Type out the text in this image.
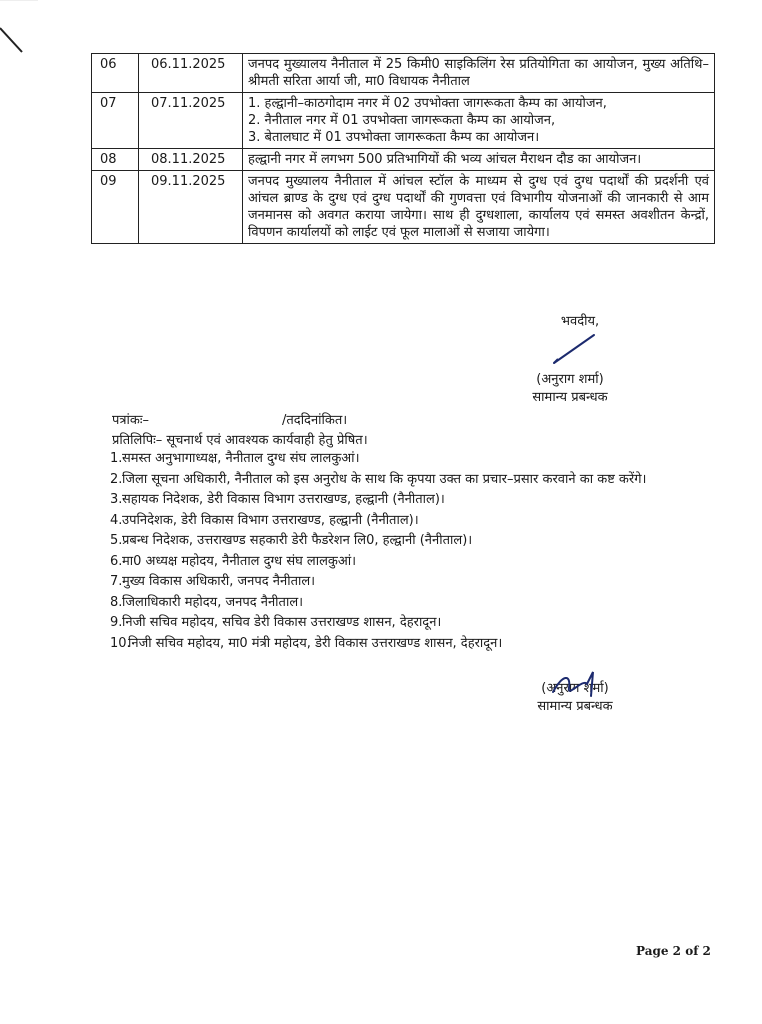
06	06.11.2025	जनपद मुख्यालय नैनीताल में 25 किमी0 साइकिलिंग रेस प्रतियोगिता का आयोजन, मुख्य अतिथि– श्रीमती सरिता आर्या जी, मा0 विधायक नैनीताल

07	07.11.2025	1. हल्द्वानी–काठगोदाम नगर में 02 उपभोक्ता जागरूकता कैम्प का आयोजन,
2. नैनीताल नगर में 01 उपभोक्ता जागरूकता कैम्प का आयोजन,
3. बेतालघाट में 01 उपभोक्ता जागरूकता कैम्प का आयोजन।

08	08.11.2025	हल्द्वानी नगर में लगभग 500 प्रतिभागियों की भव्य आंचल मैराथन दौड का आयोजन।

09	09.11.2025	जनपद मुख्यालय नैनीताल में आंचल स्टॉल के माध्यम से दुग्ध एवं दुग्ध पदार्थों की प्रदर्शनी एवं आंचल ब्राण्ड के दुग्ध एवं दुग्ध पदार्थों की गुणवत्ता एवं विभागीय योजनाओं की जानकारी से आम जनमानस को अवगत कराया जायेगा। साथ ही दुग्धशाला, कार्यालय एवं समस्त अवशीतन केन्द्रों, विपणन कार्यालयों को लाईट एवं फूल मालाओं से सजाया जायेगा।
भवदीय,
(अनुराग शर्मा)
सामान्य प्रबन्धक
पत्रांकः–	/तददिनांकित।
प्रतिलिपिः– सूचनार्थ एवं आवश्यक कार्यवाही हेतु प्रेषित।
1. समस्त अनुभागाध्यक्ष, नैनीताल दुग्ध संघ लालकुआं।
2. जिला सूचना अधिकारी, नैनीताल को इस अनुरोध के साथ कि कृपया उक्त का प्रचार–प्रसार करवाने का कष्ट करेंगे।
3. सहायक निदेशक, डेरी विकास विभाग उत्तराखण्ड, हल्द्वानी (नैनीताल)।
4. उपनिदेशक, डेरी विकास विभाग उत्तराखण्ड, हल्द्वानी (नैनीताल)।
5. प्रबन्ध निदेशक, उत्तराखण्ड सहकारी डेरी फैडरेशन लि0, हल्द्वानी (नैनीताल)।
6. मा0 अध्यक्ष महोदय, नैनीताल दुग्ध संघ लालकुआं।
7. मुख्य विकास अधिकारी, जनपद नैनीताल।
8. जिलाधिकारी महोदय, जनपद नैनीताल।
9. निजी सचिव महोदय, सचिव डेरी विकास उत्तराखण्ड शासन, देहरादून।
10.
निजी सचिव महोदय, मा0 मंत्री महोदय, डेरी विकास उत्तराखण्ड शासन, देहरादून।
(अनुराग शर्मा)
सामान्य प्रबन्धक
Page 2 of 2
